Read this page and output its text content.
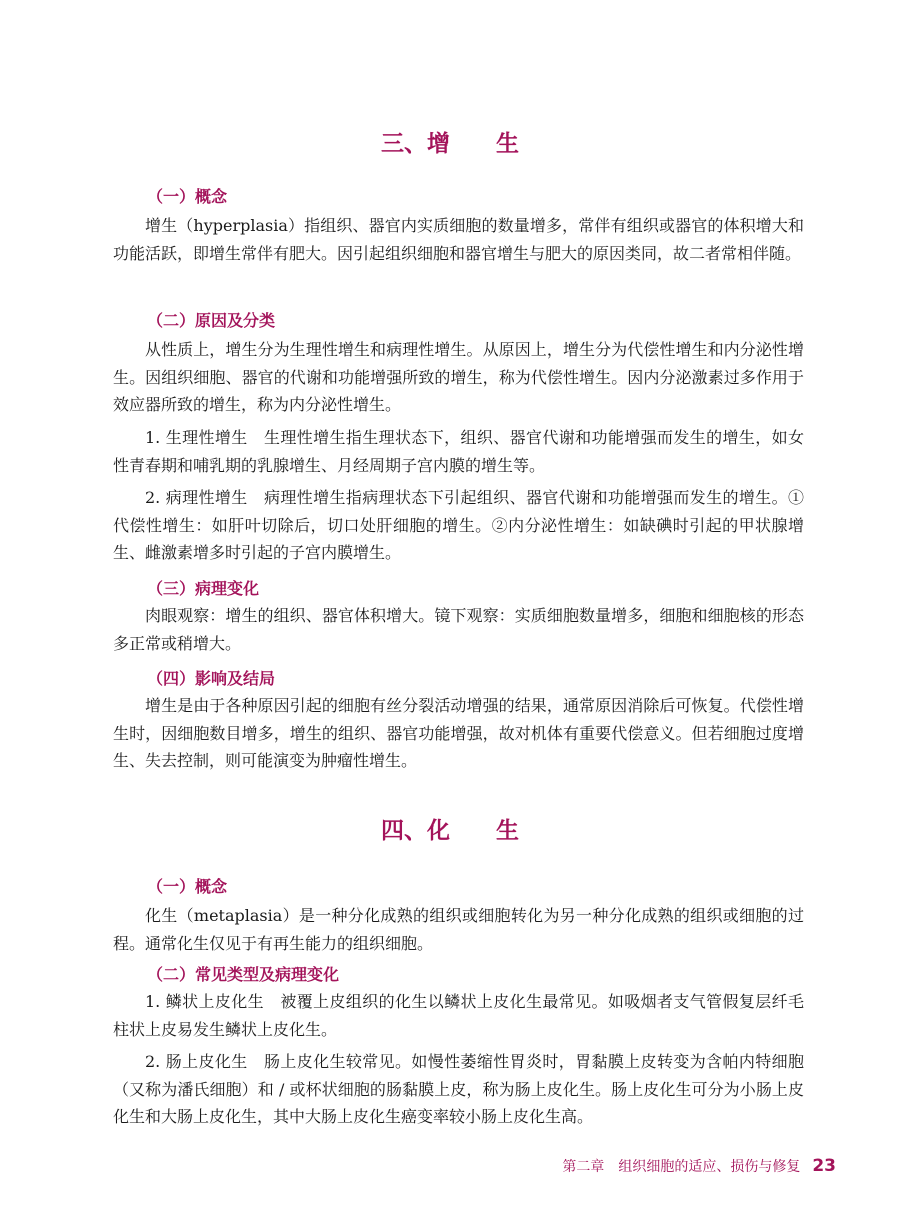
三、增　　生
（一）概念

增生（hyperplasia）指组织、器官内实质细胞的数量增多，常伴有组织或器官的体积增大和功能活跃，即增生常伴有肥大。因引起组织细胞和器官增生与肥大的原因类同，故二者常相伴随。

（二）原因及分类

从性质上，增生分为生理性增生和病理性增生。从原因上，增生分为代偿性增生和内分泌性增生。因组织细胞、器官的代谢和功能增强所致的增生，称为代偿性增生。因内分泌激素过多作用于效应器所致的增生，称为内分泌性增生。

1. 生理性增生　生理性增生指生理状态下，组织、器官代谢和功能增强而发生的增生，如女性青春期和哺乳期的乳腺增生、月经周期子宫内膜的增生等。

2. 病理性增生　病理性增生指病理状态下引起组织、器官代谢和功能增强而发生的增生。①代偿性增生：如肝叶切除后，切口处肝细胞的增生。②内分泌性增生：如缺碘时引起的甲状腺增生、雌激素增多时引起的子宫内膜增生。

（三）病理变化

肉眼观察：增生的组织、器官体积增大。镜下观察：实质细胞数量增多，细胞和细胞核的形态多正常或稍增大。

（四）影响及结局

增生是由于各种原因引起的细胞有丝分裂活动增强的结果，通常原因消除后可恢复。代偿性增生时，因细胞数目增多，增生的组织、器官功能增强，故对机体有重要代偿意义。但若细胞过度增生、失去控制，则可能演变为肿瘤性增生。

四、化　　生
（一）概念

化生（metaplasia）是一种分化成熟的组织或细胞转化为另一种分化成熟的组织或细胞的过程。通常化生仅见于有再生能力的组织细胞。

（二）常见类型及病理变化

1. 鳞状上皮化生　被覆上皮组织的化生以鳞状上皮化生最常见。如吸烟者支气管假复层纤毛柱状上皮易发生鳞状上皮化生。

2. 肠上皮化生　肠上皮化生较常见。如慢性萎缩性胃炎时，胃黏膜上皮转变为含帕内特细胞（又称为潘氏细胞）和 / 或杯状细胞的肠黏膜上皮，称为肠上皮化生。肠上皮化生可分为小肠上皮化生和大肠上皮化生，其中大肠上皮化生癌变率较小肠上皮化生高。

第二章　组织细胞的适应、损伤与修复 23
